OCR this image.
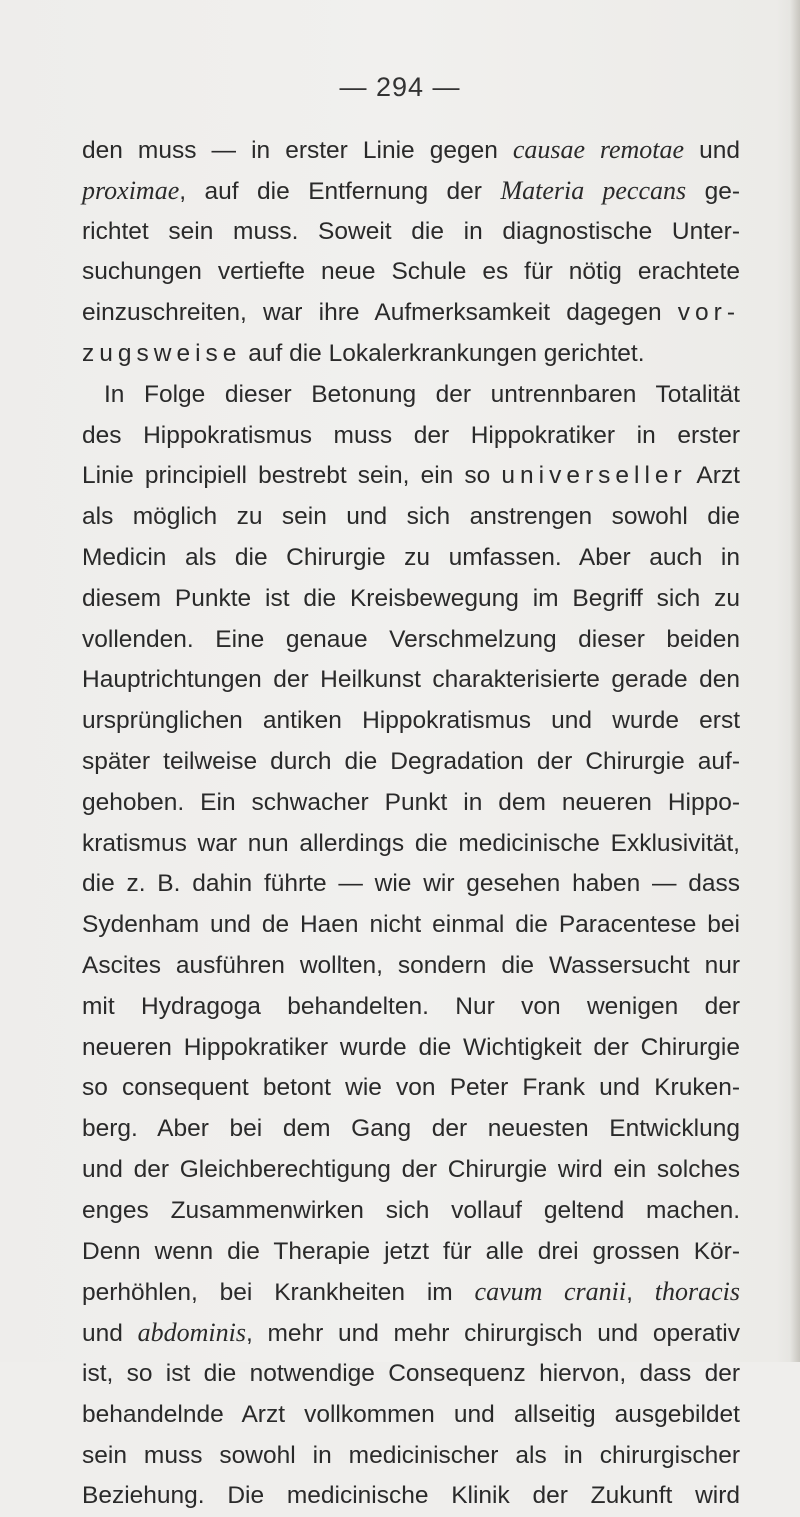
— 294 —
den muss — in erster Linie gegen causae remotae und
proximae, auf die Entfernung der Materia peccans ge-
richtet sein muss. Soweit die in diagnostische Unter-
suchungen vertiefte neue Schule es für nötig erachtete
einzuschreiten, war ihre Aufmerksamkeit dagegen vor-
zugsweise auf die Lokalerkrankungen gerichtet.
In Folge dieser Betonung der untrennbaren Totalität
des Hippokratismus muss der Hippokratiker in erster
Linie principiell bestrebt sein, ein so universeller Arzt
als möglich zu sein und sich anstrengen sowohl die
Medicin als die Chirurgie zu umfassen. Aber auch in
diesem Punkte ist die Kreisbewegung im Begriff sich zu
vollenden. Eine genaue Verschmelzung dieser beiden
Hauptrichtungen der Heilkunst charakterisierte gerade den
ursprünglichen antiken Hippokratismus und wurde erst
später teilweise durch die Degradation der Chirurgie auf-
gehoben. Ein schwacher Punkt in dem neueren Hippo-
kratismus war nun allerdings die medicinische Exklusivität,
die z. B. dahin führte — wie wir gesehen haben — dass
Sydenham und de Haen nicht einmal die Paracentese bei
Ascites ausführen wollten, sondern die Wassersucht nur
mit Hydragoga behandelten. Nur von wenigen der
neueren Hippokratiker wurde die Wichtigkeit der Chirurgie
so consequent betont wie von Peter Frank und Kruken-
berg. Aber bei dem Gang der neuesten Entwicklung
und der Gleichberechtigung der Chirurgie wird ein solches
enges Zusammenwirken sich vollauf geltend machen.
Denn wenn die Therapie jetzt für alle drei grossen Kör-
perhöhlen, bei Krankheiten im cavum cranii, thoracis
und abdominis, mehr und mehr chirurgisch und operativ
ist, so ist die notwendige Consequenz hiervon, dass der
behandelnde Arzt vollkommen und allseitig ausgebildet
sein muss sowohl in medicinischer als in chirurgischer
Beziehung. Die medicinische Klinik der Zukunft wird
